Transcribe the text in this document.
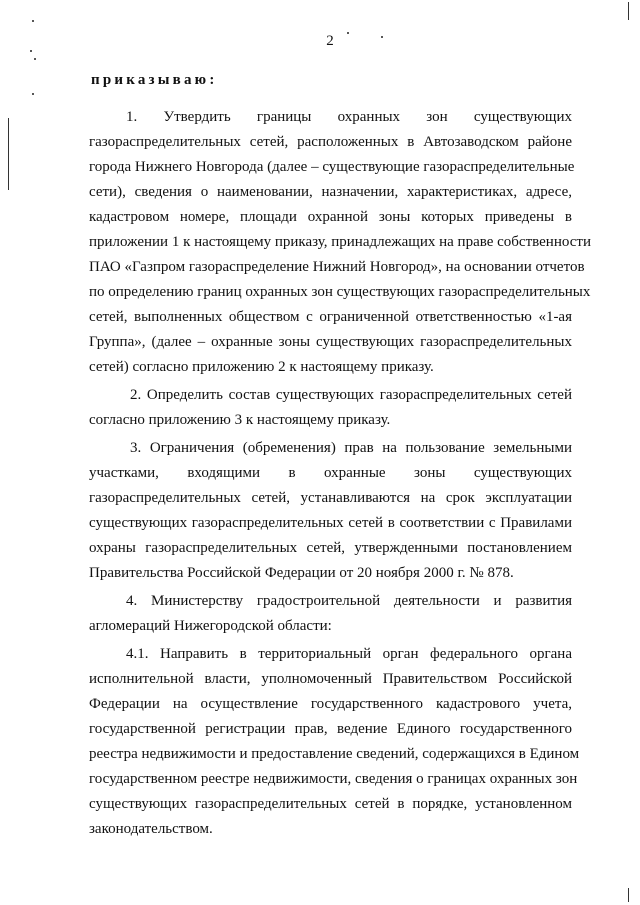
2
приказываю:
1. Утвердить границы охранных зон существующих
газораспределительных сетей, расположенных в Автозаводском районе
города Нижнего Новгорода (далее – существующие газораспределительные
сети), сведения о наименовании, назначении, характеристиках, адресе,
кадастровом номере, площади охранной зоны которых приведены в
приложении 1 к настоящему приказу, принадлежащих на праве собственности
ПАО «Газпром газораспределение Нижний Новгород», на основании отчетов
по определению границ охранных зон существующих газораспределительных
сетей, выполненных обществом с ограниченной ответственностью «1-ая
Группа», (далее – охранные зоны существующих газораспределительных
сетей) согласно приложению 2 к настоящему приказу.
2. Определить состав существующих газораспределительных сетей
согласно приложению 3 к настоящему приказу.
3. Ограничения (обременения) прав на пользование земельными
участками, входящими в охранные зоны существующих
газораспределительных сетей, устанавливаются на срок эксплуатации
существующих газораспределительных сетей в соответствии с Правилами
охраны газораспределительных сетей, утвержденными постановлением
Правительства Российской Федерации от 20 ноября 2000 г. № 878.
4. Министерству градостроительной деятельности и развития
агломераций Нижегородской области:
4.1. Направить в территориальный орган федерального органа
исполнительной власти, уполномоченный Правительством Российской
Федерации на осуществление государственного кадастрового учета,
государственной регистрации прав, ведение Единого государственного
реестра недвижимости и предоставление сведений, содержащихся в Едином
государственном реестре недвижимости, сведения о границах охранных зон
существующих газораспределительных сетей в порядке, установленном
законодательством.
